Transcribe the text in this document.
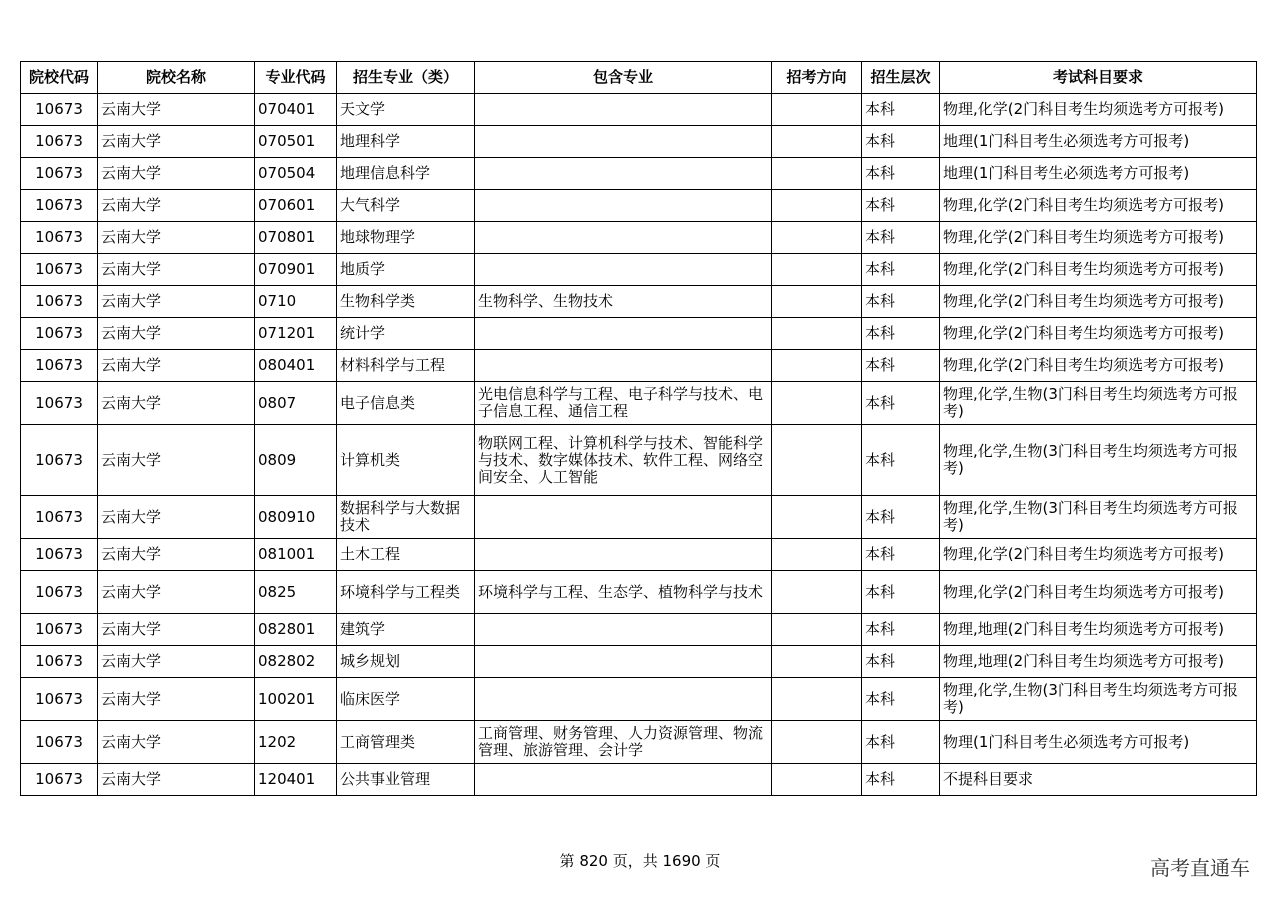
院校代码	院校名称	专业代码	招生专业（类）	包含专业	招考方向	招生层次	考试科目要求
10673	云南大学	070401	天文学			本科	物理,化学(2门科目考生均须选考方可报考)
10673	云南大学	070501	地理科学			本科	地理(1门科目考生必须选考方可报考)
10673	云南大学	070504	地理信息科学			本科	地理(1门科目考生必须选考方可报考)
10673	云南大学	070601	大气科学			本科	物理,化学(2门科目考生均须选考方可报考)
10673	云南大学	070801	地球物理学			本科	物理,化学(2门科目考生均须选考方可报考)
10673	云南大学	070901	地质学			本科	物理,化学(2门科目考生均须选考方可报考)
10673	云南大学	0710	生物科学类	生物科学、生物技术		本科	物理,化学(2门科目考生均须选考方可报考)
10673	云南大学	071201	统计学			本科	物理,化学(2门科目考生均须选考方可报考)
10673	云南大学	080401	材料科学与工程			本科	物理,化学(2门科目考生均须选考方可报考)
10673	云南大学	0807	电子信息类	光电信息科学与工程、电子科学与技术、电子信息工程、通信工程		本科	物理,化学,生物(3门科目考生均须选考方可报考)
10673	云南大学	0809	计算机类	物联网工程、计算机科学与技术、智能科学与技术、数字媒体技术、软件工程、网络空间安全、人工智能		本科	物理,化学,生物(3门科目考生均须选考方可报考)
10673	云南大学	080910	数据科学与大数据技术			本科	物理,化学,生物(3门科目考生均须选考方可报考)
10673	云南大学	081001	土木工程			本科	物理,化学(2门科目考生均须选考方可报考)
10673	云南大学	0825	环境科学与工程类	环境科学与工程、生态学、植物科学与技术		本科	物理,化学(2门科目考生均须选考方可报考)
10673	云南大学	082801	建筑学			本科	物理,地理(2门科目考生均须选考方可报考)
10673	云南大学	082802	城乡规划			本科	物理,地理(2门科目考生均须选考方可报考)
10673	云南大学	100201	临床医学			本科	物理,化学,生物(3门科目考生均须选考方可报考)
10673	云南大学	1202	工商管理类	工商管理、财务管理、人力资源管理、物流管理、旅游管理、会计学		本科	物理(1门科目考生必须选考方可报考)
10673	云南大学	120401	公共事业管理			本科	不提科目要求
第 820 页，共 1690 页	高考直通车
